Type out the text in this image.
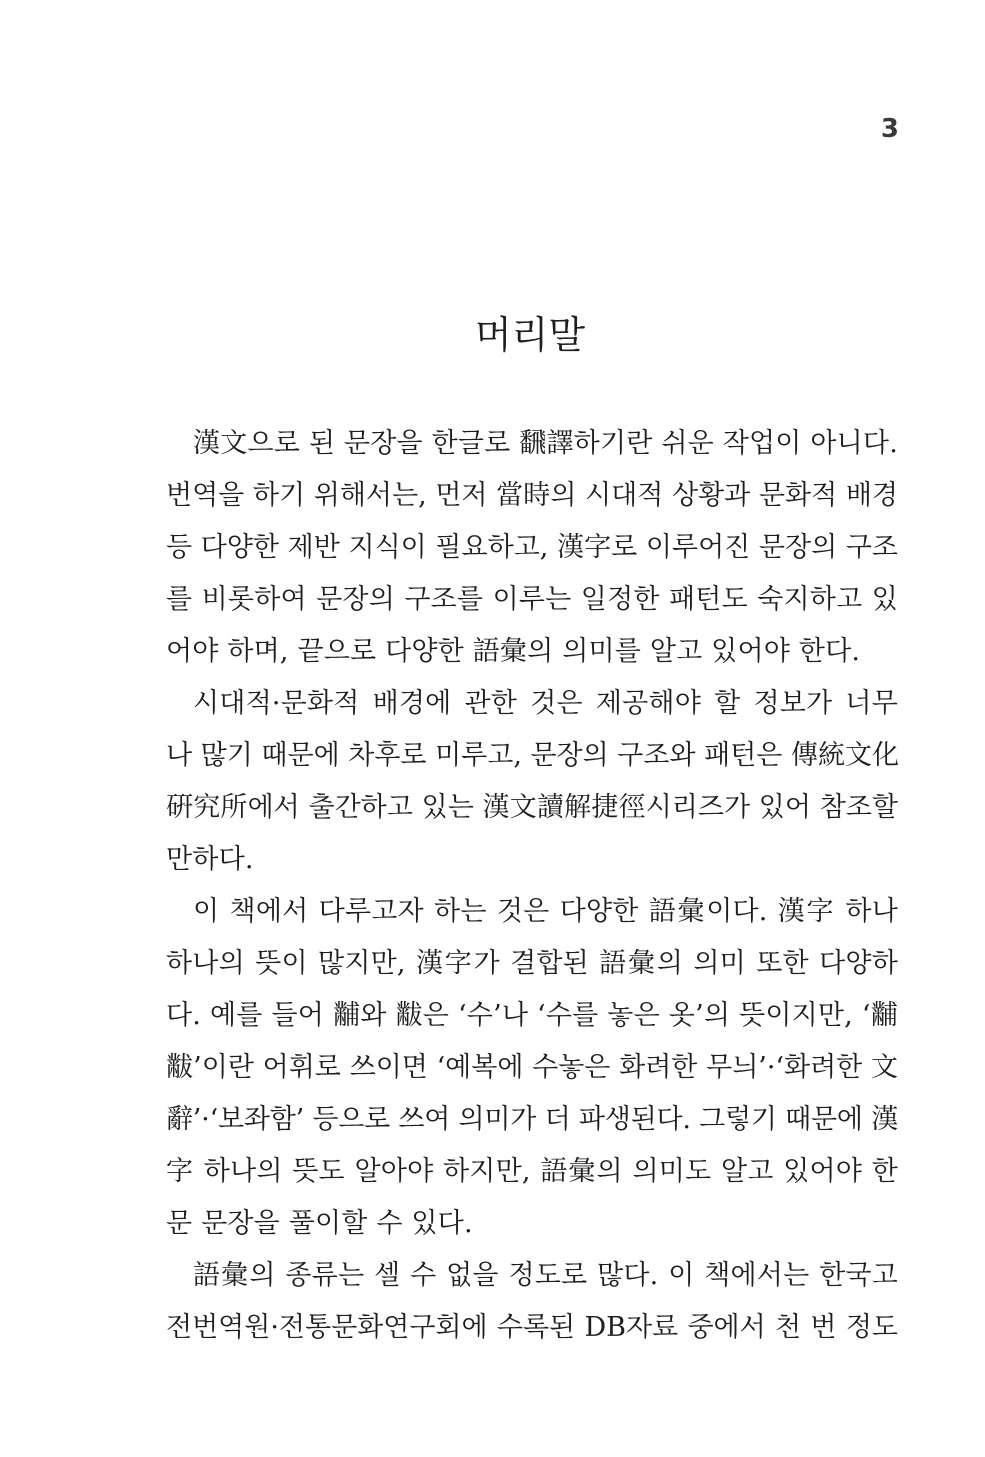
3
머리말
漢文으로 된 문장을 한글로 飜譯하기란 쉬운 작업이 아니다.
번역을 하기 위해서는, 먼저 當時의 시대적 상황과 문화적 배경
등 다양한 제반 지식이 필요하고, 漢字로 이루어진 문장의 구조
를 비롯하여 문장의 구조를 이루는 일정한 패턴도 숙지하고 있
어야 하며, 끝으로 다양한 語彙의 의미를 알고 있어야 한다.
시대적·문화적 배경에 관한 것은 제공해야 할 정보가 너무
나 많기 때문에 차후로 미루고, 문장의 구조와 패턴은 傳統文化
硏究所에서 출간하고 있는 漢文讀解捷徑시리즈가 있어 참조할
만하다.
이 책에서 다루고자 하는 것은 다양한 語彙이다. 漢字 하나
하나의 뜻이 많지만, 漢字가 결합된 語彙의 의미 또한 다양하
다. 예를 들어 黼와 黻은 ‘수’나 ‘수를 놓은 옷’의 뜻이지만, ‘黼
黻’이란 어휘로 쓰이면 ‘예복에 수놓은 화려한 무늬’·‘화려한 文
辭’·‘보좌함’ 등으로 쓰여 의미가 더 파생된다. 그렇기 때문에 漢
字 하나의 뜻도 알아야 하지만, 語彙의 의미도 알고 있어야 한
문 문장을 풀이할 수 있다.
語彙의 종류는 셀 수 없을 정도로 많다. 이 책에서는 한국고
전번역원·전통문화연구회에 수록된 DB자료 중에서 천 번 정도
